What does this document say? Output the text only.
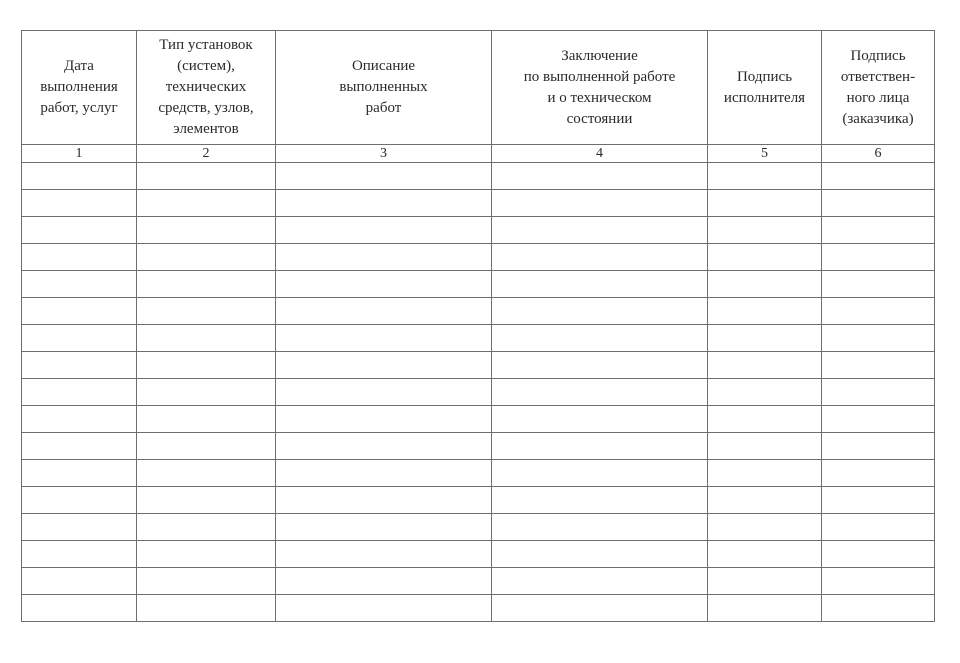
Дата
выполнения
работ, услуг	Тип установок
(систем),
технических
средств, узлов,
элементов	Описание
выполненных
работ	Заключение
по выполненной работе
и о техническом
состоянии	Подпись
исполнителя	Подпись
ответствен-
ного лица
(заказчика)
1	2	3	4	5	6
